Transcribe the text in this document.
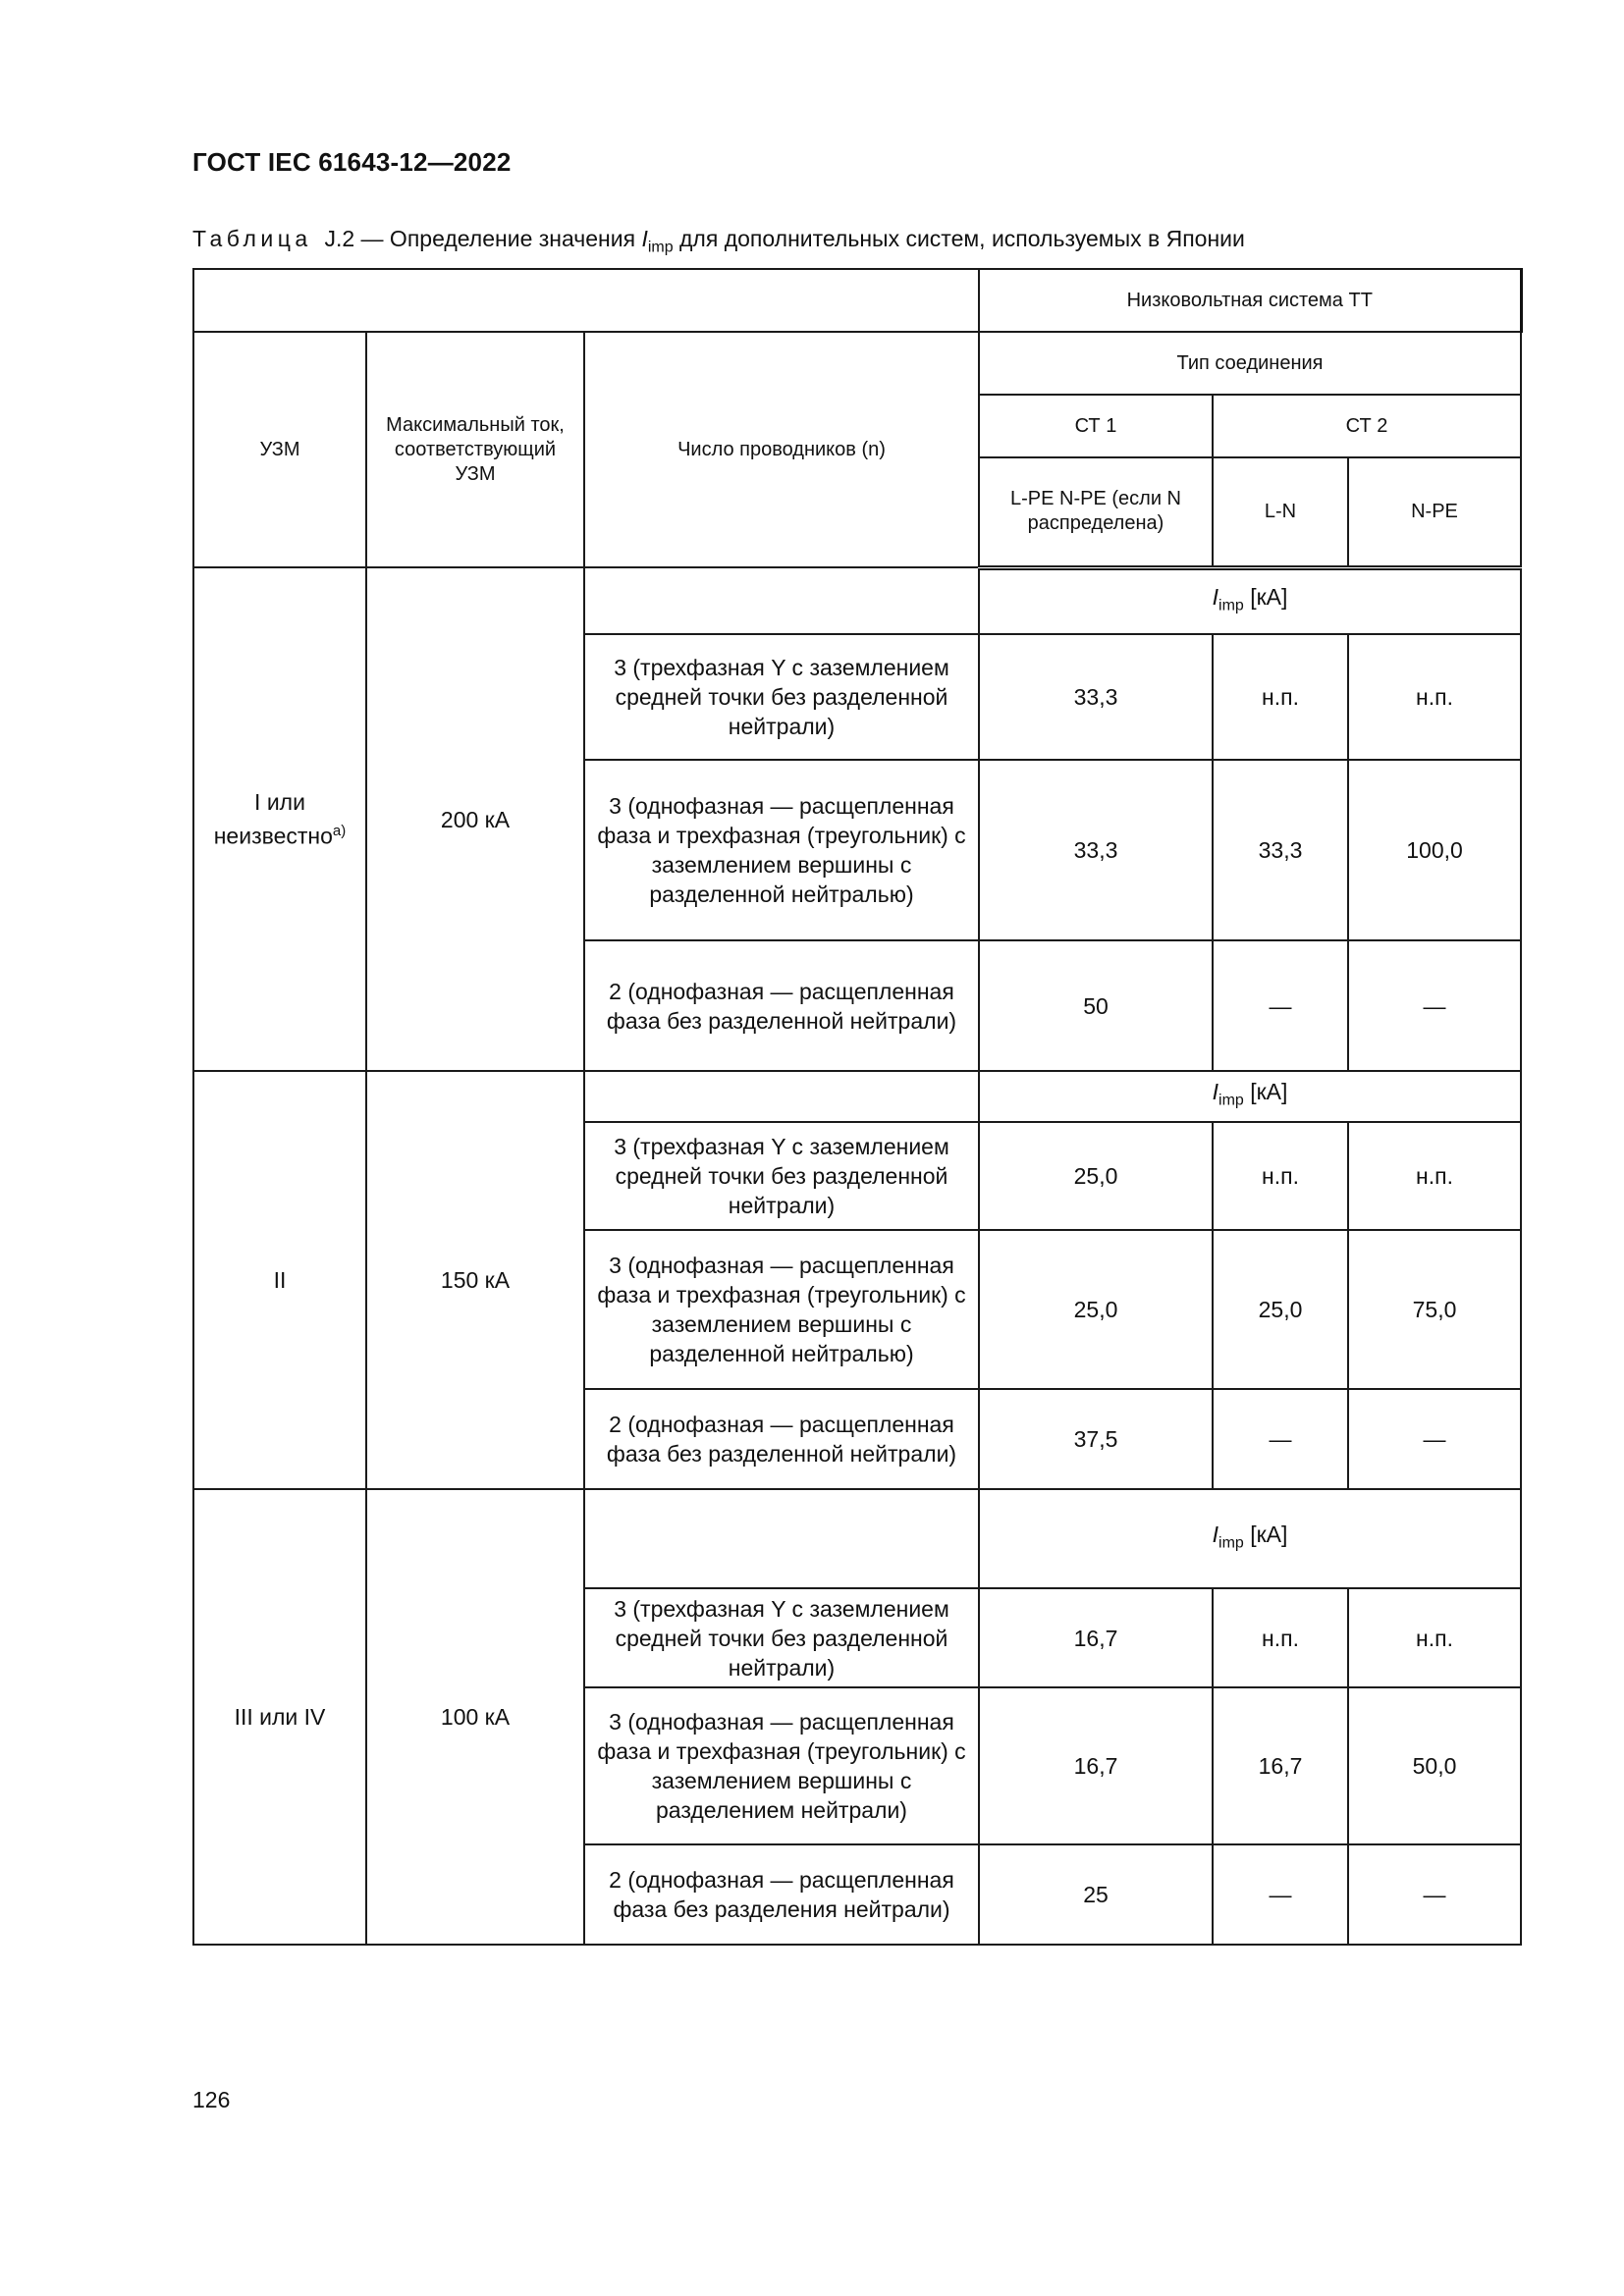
ГОСТ IEC 61643-12—2022
Таблица J.2 — Определение значения $I_{imp}$ для дополнительных систем, используемых в Японии
			Низковольтная система ТТ		
УЗМ	Максимальный ток, соответствующий УЗМ	Число проводников (n)	Тип соединения		
			СТ 1	СТ 2	
			L-PE N-PE (если N распределена)	L-N	N-PE
I или неизвестно$^{а)}$	200 кА		$I_{imp}$ [кА]		
		3 (трехфазная Y с заземлением средней точки без разделенной нейтрали)	33,3	н.п.	н.п.
		3 (однофазная — расщепленная фаза и трехфазная (треугольник) с заземлением вершины с разделенной нейтралью)	33,3	33,3	100,0
		2 (однофазная — расщепленная фаза без разделенной нейтрали)	50	—	—
II	150 кА		$I_{imp}$ [кА]		
		3 (трехфазная Y с заземлением средней точки без разделенной нейтрали)	25,0	н.п.	н.п.
		3 (однофазная — расщепленная фаза и трехфазная (треугольник) с заземлением вершины с разделенной нейтралью)	25,0	25,0	75,0
		2 (однофазная — расщепленная фаза без разделенной нейтрали)	37,5	—	—
III или IV	100 кА		$I_{imp}$ [кА]		
		3 (трехфазная Y с заземлением средней точки без разделенной нейтрали)	16,7	н.п.	н.п.
		3 (однофазная — расщепленная фаза и трехфазная (треугольник) с заземлением вершины с разделением нейтрали)	16,7	16,7	50,0
		2 (однофазная — расщепленная фаза без разделения нейтрали)	25	—	—
126
